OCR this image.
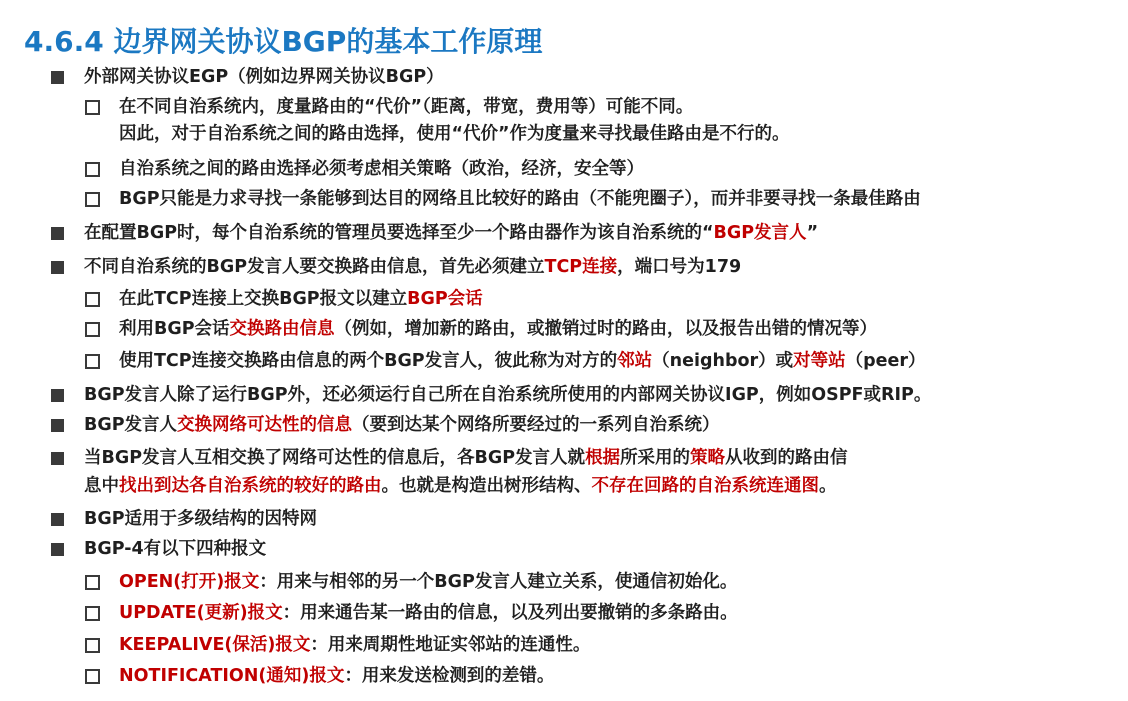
4.6.4 边界网关协议BGP的基本工作原理
外部网关协议EGP（例如边界网关协议BGP）
在不同自治系统内，度量路由的“代价”（距离，带宽，费用等）可能不同。
因此，对于自治系统之间的路由选择，使用“代价”作为度量来寻找最佳路由是不行的。
自治系统之间的路由选择必须考虑相关策略（政治，经济，安全等）
BGP只能是力求寻找一条能够到达目的网络且比较好的路由（不能兜圈子），而并非要寻找一条最佳路由
在配置BGP时，每个自治系统的管理员要选择至少一个路由器作为该自治系统的“BGP发言人”
不同自治系统的BGP发言人要交换路由信息，首先必须建立TCP连接，端口号为179
在此TCP连接上交换BGP报文以建立BGP会话
利用BGP会话交换路由信息（例如，增加新的路由，或撤销过时的路由，以及报告出错的情况等）
使用TCP连接交换路由信息的两个BGP发言人，彼此称为对方的邻站（neighbor）或对等站（peer）
BGP发言人除了运行BGP外，还必须运行自己所在自治系统所使用的内部网关协议IGP，例如OSPF或RIP。
BGP发言人交换网络可达性的信息（要到达某个网络所要经过的一系列自治系统）
当BGP发言人互相交换了网络可达性的信息后，各BGP发言人就根据所采用的策略从收到的路由信
息中找出到达各自治系统的较好的路由。也就是构造出树形结构、不存在回路的自治系统连通图。
BGP适用于多级结构的因特网
BGP-4有以下四种报文
OPEN(打开)报文：用来与相邻的另一个BGP发言人建立关系，使通信初始化。
UPDATE(更新)报文：用来通告某一路由的信息，以及列出要撤销的多条路由。
KEEPALIVE(保活)报文：用来周期性地证实邻站的连通性。
NOTIFICATION(通知)报文：用来发送检测到的差错。
